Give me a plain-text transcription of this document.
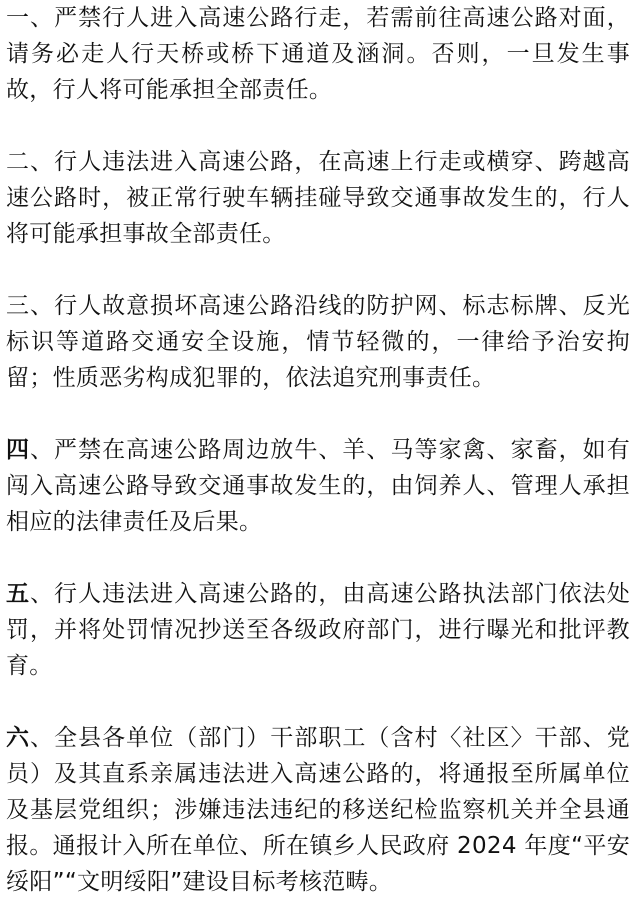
一、严禁行人进入高速公路行走，若需前往高速公路对面，请务必走人行天桥或桥下通道及涵洞。否则，一旦发生事故，行人将可能承担全部责任。

二、行人违法进入高速公路，在高速上行走或横穿、跨越高速公路时，被正常行驶车辆挂碰导致交通事故发生的，行人将可能承担事故全部责任。

三、行人故意损坏高速公路沿线的防护网、标志标牌、反光标识等道路交通安全设施，情节轻微的，一律给予治安拘留；性质恶劣构成犯罪的，依法追究刑事责任。

四、严禁在高速公路周边放牛、羊、马等家禽、家畜，如有闯入高速公路导致交通事故发生的，由饲养人、管理人承担相应的法律责任及后果。

五、行人违法进入高速公路的，由高速公路执法部门依法处罚，并将处罚情况抄送至各级政府部门，进行曝光和批评教育。

六、全县各单位（部门）干部职工（含村〈社区〉干部、党员）及其直系亲属违法进入高速公路的，将通报至所属单位及基层党组织；涉嫌违法违纪的移送纪检监察机关并全县通报。通报计入所在单位、所在镇乡人民政府 2024 年度“平安绥阳”“文明绥阳”建设目标考核范畴。
